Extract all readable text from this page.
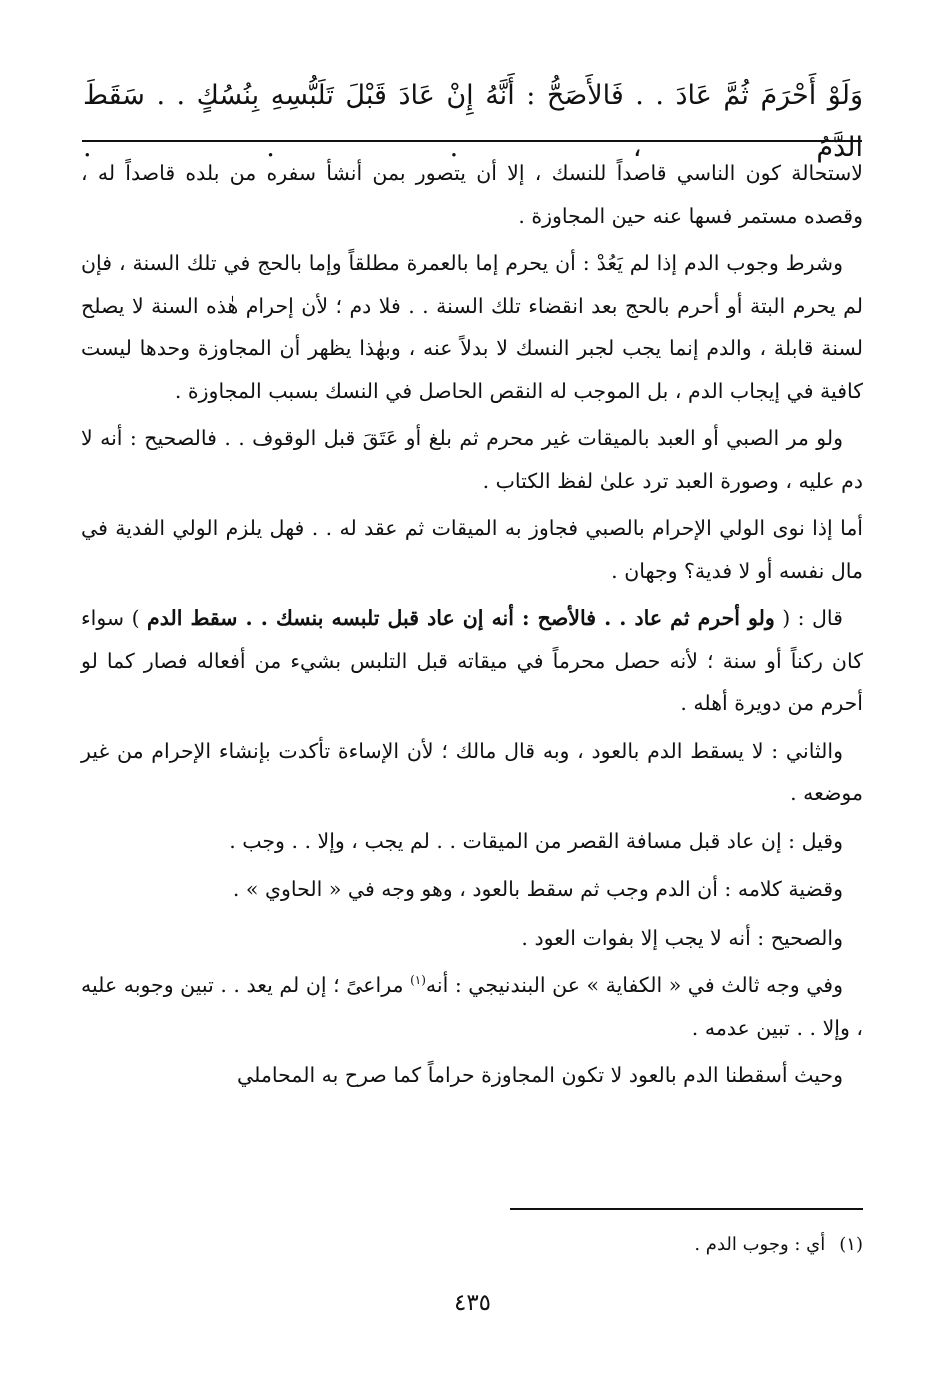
وَلَوْ أَحْرَمَ ثُمَّ عَادَ . . فَالأَصَحُّ : أَنَّهُ إِنْ عَادَ قَبْلَ تَلَبُّسِهِ بِنُسُكٍ . . سَقَطَ الدَّمُ ، . . .

لاستحالة كون الناسي قاصداً للنسك ، إلا أن يتصور بمن أنشأ سفره من بلده قاصداً له ، وقصده مستمر فسها عنه حين المجاوزة .

وشرط وجوب الدم إذا لم يَعُدْ : أن يحرم إما بالعمرة مطلقاً وإما بالحج في تلك السنة ، فإن لم يحرم البتة أو أحرم بالحج بعد انقضاء تلك السنة . . فلا دم ؛ لأن إحرام هٰذه السنة لا يصلح لسنة قابلة ، والدم إنما يجب لجبر النسك لا بدلاً عنه ، وبهٰذا يظهر أن المجاوزة وحدها ليست كافية في إيجاب الدم ، بل الموجب له النقص الحاصل في النسك بسبب المجاوزة .

ولو مر الصبي أو العبد بالميقات غير محرم ثم بلغ أو عَتَقَ قبل الوقوف . . فالصحيح : أنه لا دم عليه ، وصورة العبد ترد علىٰ لفظ الكتاب .

أما إذا نوى الولي الإحرام بالصبي فجاوز به الميقات ثم عقد له . . فهل يلزم الولي الفدية في مال نفسه أو لا فدية؟ وجهان .

قال : ( ولو أحرم ثم عاد . . فالأصح : أنه إن عاد قبل تلبسه بنسك . . سقط الدم ) سواء كان ركناً أو سنة ؛ لأنه حصل محرماً في ميقاته قبل التلبس بشيء من أفعاله فصار كما لو أحرم من دويرة أهله .

والثاني : لا يسقط الدم بالعود ، وبه قال مالك ؛ لأن الإساءة تأكدت بإنشاء الإحرام من غير موضعه .

وقيل : إن عاد قبل مسافة القصر من الميقات . . لم يجب ، وإلا . . وجب .

وقضية كلامه : أن الدم وجب ثم سقط بالعود ، وهو وجه في « الحاوي » .

والصحيح : أنه لا يجب إلا بفوات العود .

وفي وجه ثالث في « الكفاية » عن البندنيجي : أنه$^{(١)}$ مراعىً ؛ إن لم يعد . . تبين وجوبه عليه ، وإلا . . تبين عدمه .

وحيث أسقطنا الدم بالعود لا تكون المجاوزة حراماً كما صرح به المحاملي

(١)أي : وجوب الدم .
٤٣٥
